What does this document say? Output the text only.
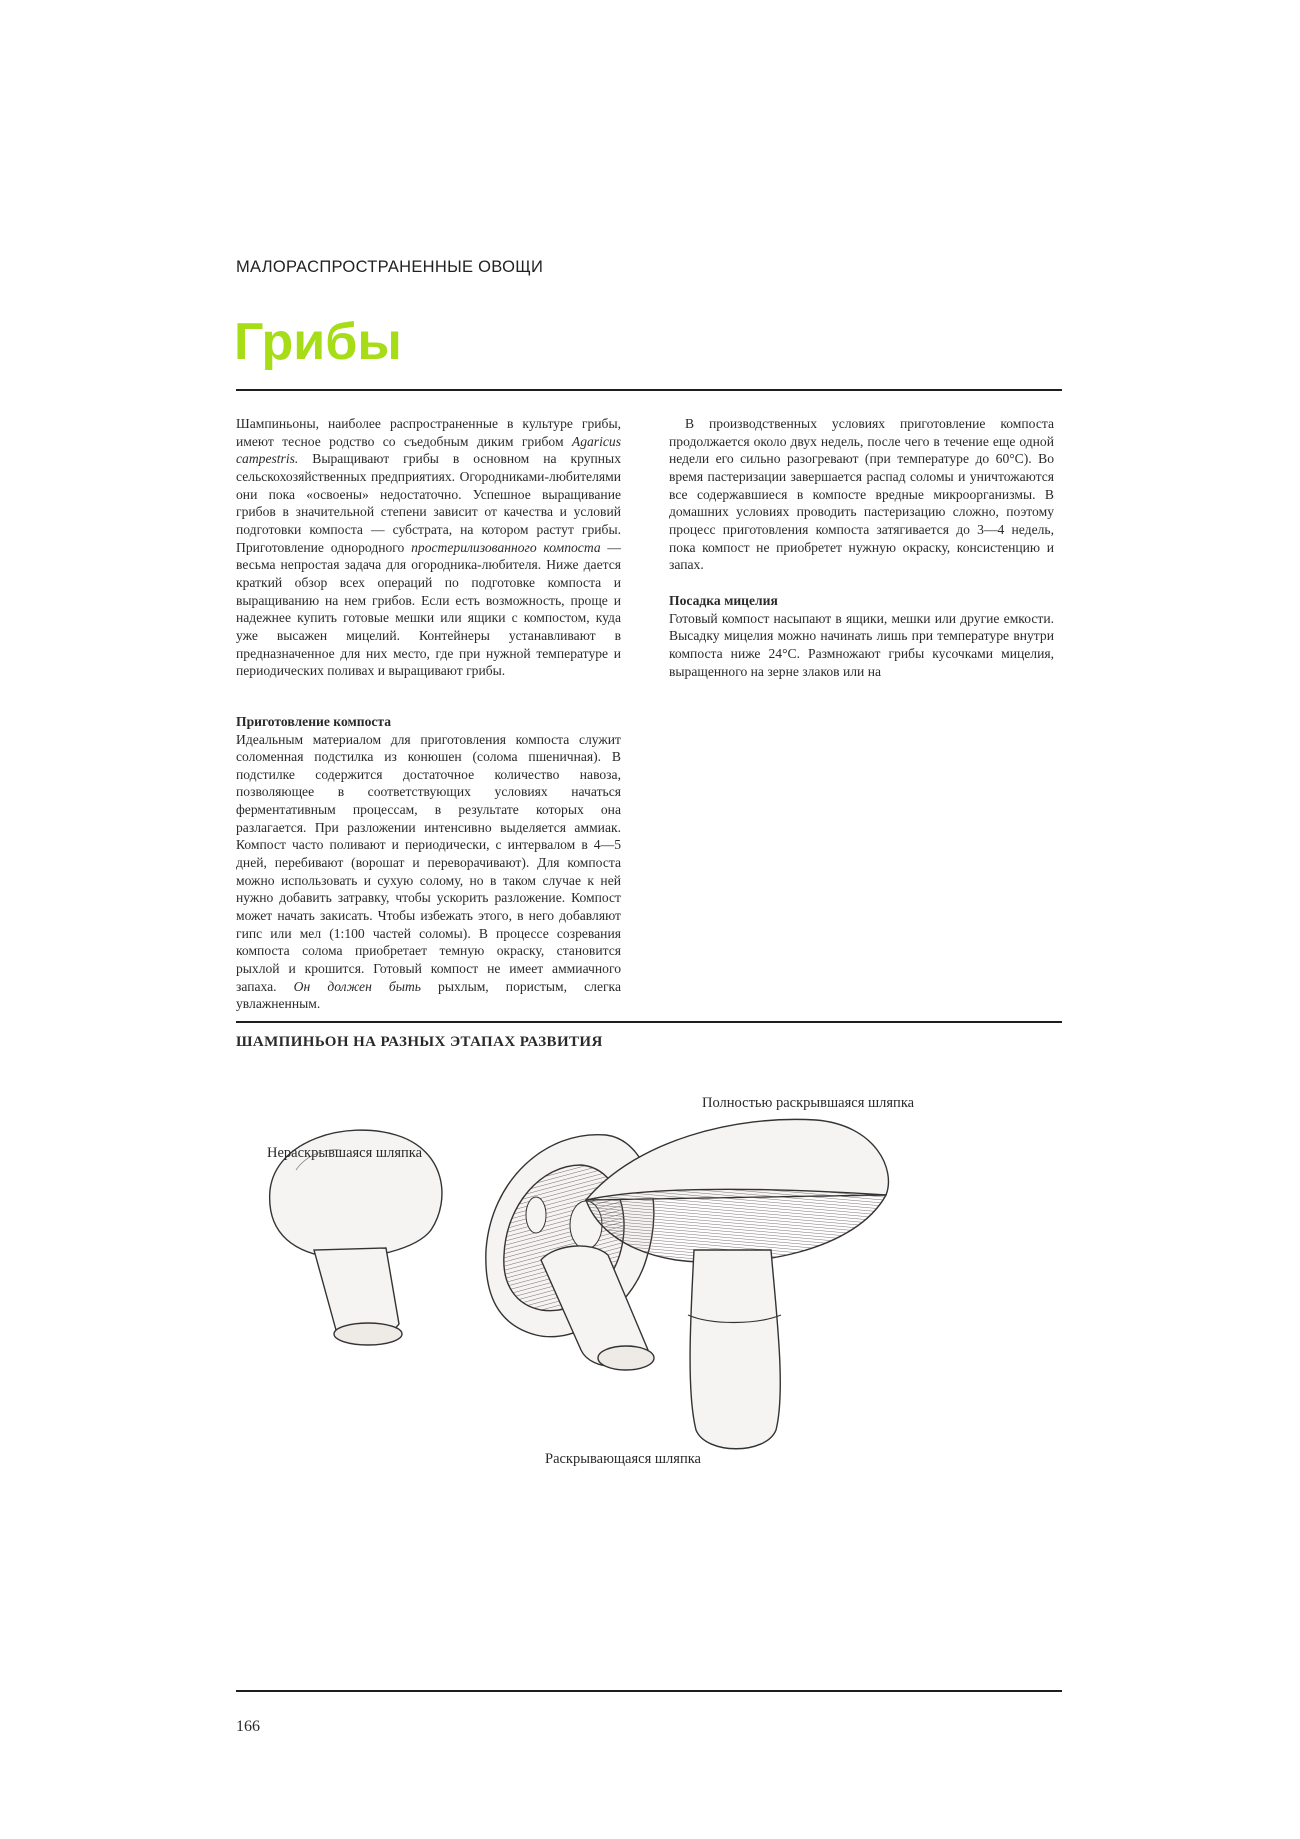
МАЛОРАСПРОСТРАНЕННЫЕ ОВОЩИ
Грибы

Шампиньоны, наиболее распространенные в культуре грибы, имеют тесное родство со съедобным диким грибом Agaricus campestris. Выращивают грибы в основном на крупных сельскохозяйственных предприятиях. Огородниками-любителями они пока «освоены» недостаточно. Успешное выращивание грибов в значительной степени зависит от качества и условий подготовки компоста — субстрата, на котором растут грибы. Приготовление однородного простерилизованного компоста — весьма непростая задача для огородника-любителя. Ниже дается краткий обзор всех операций по подготовке компоста и выращиванию на нем грибов. Если есть возможность, проще и надежнее купить готовые мешки или ящики с компостом, куда уже высажен мицелий. Контейнеры устанавливают в предназначенное для них место, где при нужной температуре и периодических поливах и выращивают грибы.

Приготовление компоста

Идеальным материалом для приготовления компоста служит соломенная подстилка из конюшен (солома пшеничная). В подстилке содержится достаточное количество навоза, позволяющее в соответствующих условиях начаться ферментативным процессам, в результате которых она разлагается. При разложении интенсивно выделяется аммиак. Компост часто поливают и периодически, с интервалом в 4—5 дней, перебивают (ворошат и переворачивают). Для компоста можно использовать и сухую солому, но в таком случае к ней нужно добавить затравку, чтобы ускорить разложение. Компост может начать закисать. Чтобы избежать этого, в него добавляют гипс или мел (1:100 частей соломы). В процессе созревания компоста солома приобретает темную окраску, становится рыхлой и крошится. Готовый компост не имеет аммиачного запаха. Он должен быть рыхлым, пористым, слегка увлажненным.

В производственных условиях приготовление компоста продолжается около двух недель, после чего в течение еще одной недели его сильно разогревают (при температуре до 60°С). Во время пастеризации завершается распад соломы и уничтожаются все содержавшиеся в компосте вредные микроорганизмы. В домашних условиях проводить пастеризацию сложно, поэтому процесс приготовления компоста затягивается до 3—4 недель, пока компост не приобретет нужную окраску, консистенцию и запах.

Посадка мицелия

Готовый компост насыпают в ящики, мешки или другие емкости. Высадку мицелия можно начинать лишь при температуре внутри компоста ниже 24°С. Размножают грибы кусочками мицелия, выращенного на зерне злаков или на

ШАМПИНЬОН НА РАЗНЫХ ЭТАПАХ РАЗВИТИЯ
Полностью раскрывшаяся шляпка
Нераскрывшаяся шляпка
Раскрывающаяся шляпка
166
